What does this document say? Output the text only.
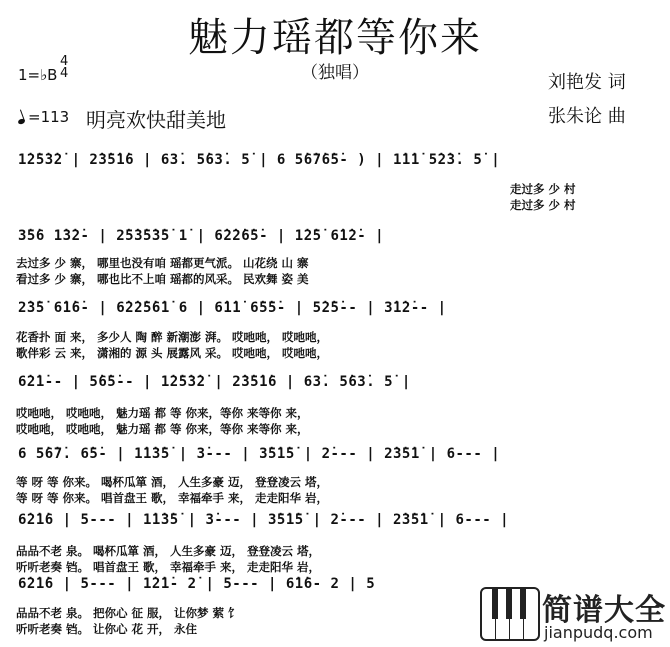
魅力瑶都等你来
（独唱）
1=♭B
4
4
=113 明亮欢快甜美地
刘艳发 词
张朱论 曲
1̇2̇5̇3̇2̇ | 2̇3̇5̇1̇6 | 63̇. 5̇63̇. 5̇ | 6 5̇6̇7̇6̇5̇- ) | 1̇1̇1̇ 5̇2̇3̇. 5̇ |
走过多 少 村
走过多 少 村
3̇5̇6 1̇3̇2̇- | 2̇5̇3̇5̇3̇5̇ 1̇ | 6̇2̇2̇6̇5̇- | 1̇2̇5̇ 6̇1̇2̇- |
去过多 少 寨， 哪里也没有咱 瑶都更气派。 山花绕 山 寨
看过多 少 寨， 哪也比不上咱 瑶都的风采。 民欢舞 姿 美
2̇3̇5̇ 6̇1̇6̇- | 6̇2̇2̇5̇6̇1̇ 6 | 6̇1̇1̇ 6̇5̇5̇- | 5̇2̇5̇-- | 3̇1̇2̇-- |
花香扑 面 来， 多少人 陶 醉 新潮澎 湃。 哎吔吔， 哎吔吔，
歌伴彩 云 来， 潇湘的 源 头 展露风 采。 哎吔吔， 哎吔吔，
6̇2̇1̇-- | 5̇6̇5̇-- | 1̇2̇5̇3̇2̇ | 2̇3̇5̇1̇6 | 63̇. 5̇63̇. 5̇ |
哎吔吔， 哎吔吔， 魅力瑶 都 等 你来，等你 来等你 来，
哎吔吔， 哎吔吔， 魅力瑶 都 等 你来，等你 来等你 来，
6 5̇6̇7̇. 6̇5̇- | 1̇1̇3̇5̇ | 3̇--- | 3̇5̇1̇5̇ | 2̇--- | 2̇3̇5̇1̇ | 6--- |
等 呀 等 你来。 喝杯瓜箪 酒， 人生多豪 迈， 登登凌云 塔，
等 呀 等 你来。 唱首盘王 歌， 幸福牵手 来， 走走阳华 岩，
6̇2̇1̇6 | 5--- | 1̇1̇3̇5̇ | 3̇--- | 3̇5̇1̇5̇ | 2̇--- | 2̇3̇5̇1̇ | 6--- |
品品不老 泉。 喝杯瓜箪 酒， 人生多豪 迈， 登登凌云 塔，
听听老奏 铛。 唱首盘王 歌， 幸福牵手 来， 走走阳华 岩，
6̇2̇1̇6 | 5--- | 1̇2̇1̇- 2̇ | 5--- | 6̇1̇6- 2 | 5
品品不老 泉。 把你心 征 服， 让你梦 萦 饣
听听老奏 铛。 让你心 花 开， 永住
简谱大全
jianpudq.com
